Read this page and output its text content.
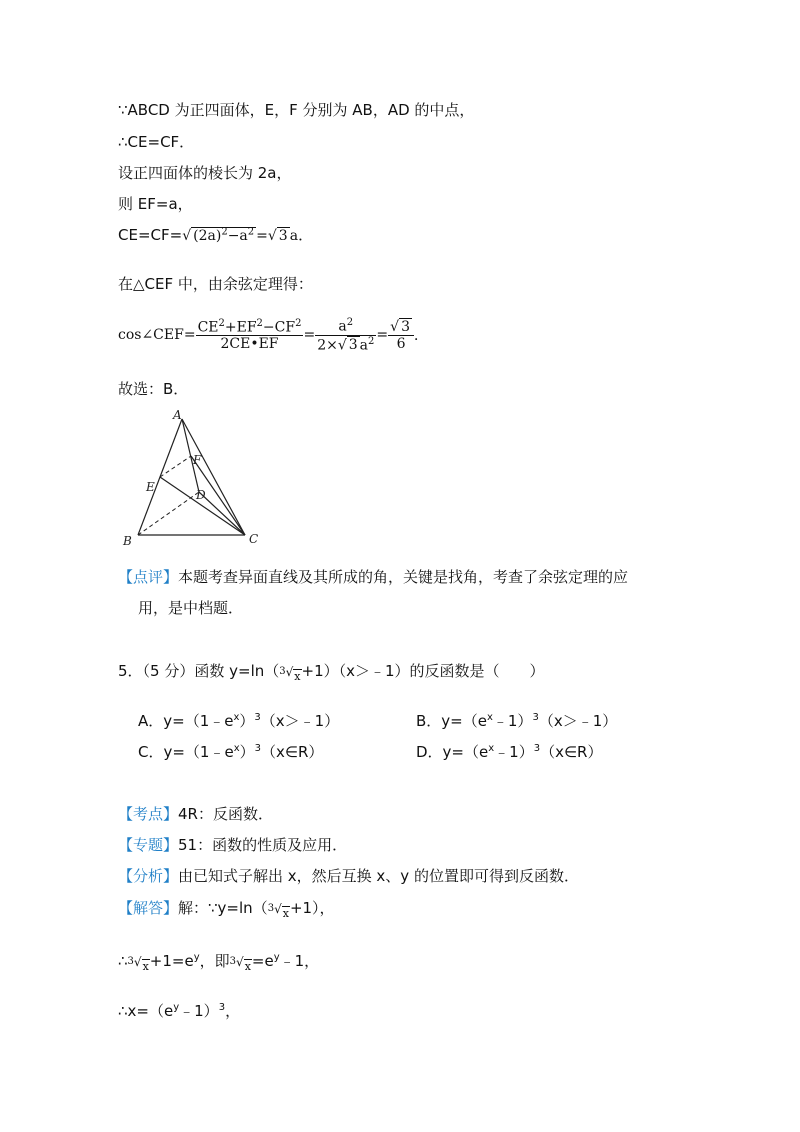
∵ABCD 为正四面体，E，F 分别为 AB，AD 的中点，
∴CE=CF．
设正四面体的棱长为 2a，
则 EF=a，
CE=CF=√ $(2a)^2-a^2$ =√ 3 a．
在△CEF 中，由余弦定理得：
cos∠CEF= $\frac{CE^2+EF^2-CF^2}{2CE•EF} = \frac{a^2}{2\times√ 3 a^2} = \frac{√ 3}{6}$ ．
故选：B．
A
B	C
D
E
F
【点评】本题考查异面直线及其所成的角，关键是找角，考查了余弦定理的应
用，是中档题．
5．（5 分）函数 $y=\ln(3√_x+1)(x>﹣1)$的反函数是（　　）
A．$y=(1﹣e^x)^3(x>﹣1)$	B．$y=(e^x﹣1)^3(x>﹣1)$
C．$y=(1﹣e^x)^3(x\in R)$	D．$y=(e^x﹣1)^3(x\in R)$
【考点】4R：反函数．
【专题】51：函数的性质及应用．
【分析】由已知式子解出 x，然后互换 x、y 的位置即可得到反函数．
【解答】解：$\because y=\ln(3√_x+1)$，
$\therefore 3√_x+1=e^y$，即$3√_x=e^y﹣1$，
$\therefore x=(e^y﹣1)^3$，
